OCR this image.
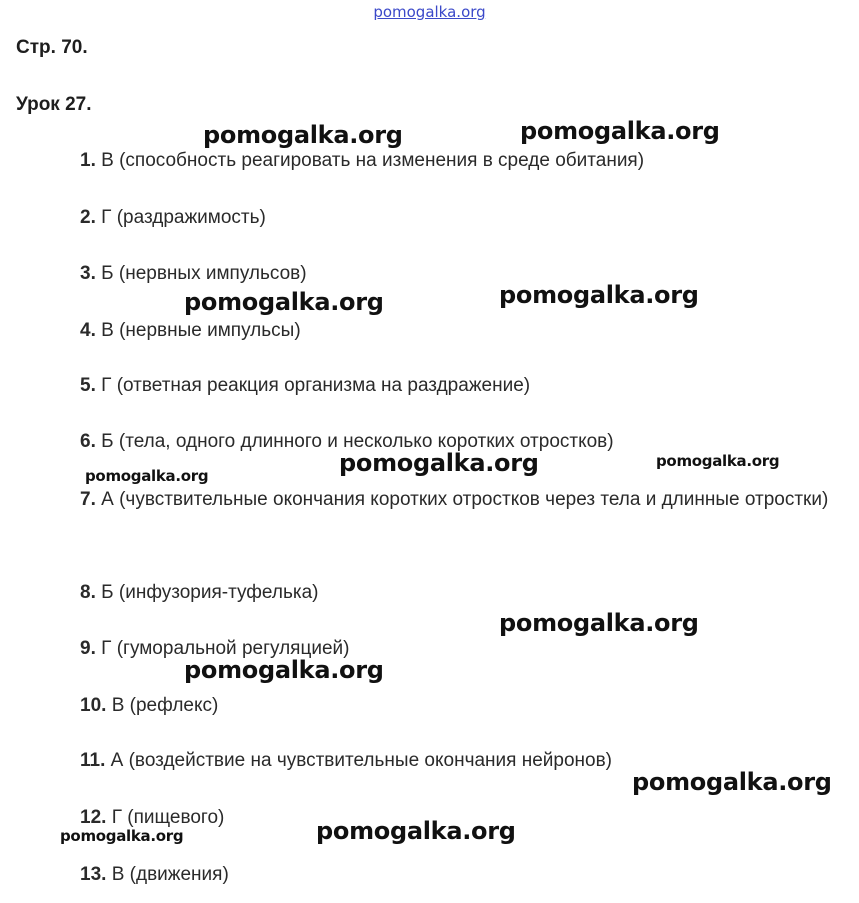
pomogalka.org
Стр. 70.
Урок 27.
1. В (способность реагировать на изменения в среде обитания)
2. Г (раздражимость)
3. Б (нервных импульсов)
4. В (нервные импульсы)
5. Г (ответная реакция организма на раздражение)
6. Б (тела, одного длинного и несколько коротких отростков)
7. А (чувствительные окончания коротких отростков через тела и длинные отростки)
8. Б (инфузория-туфелька)
9. Г (гуморальной регуляцией)
10. В (рефлекс)
11. А (воздействие на чувствительные окончания нейронов)
12. Г (пищевого)
13. В (движения)
pomogalka.org	pomogalka.org
pomogalka.org	pomogalka.org
pomogalka.org
pomogalka.org
pomogalka.org
pomogalka.org
pomogalka.org
pomogalka.org
pomogalka.org
pomogalka.org
